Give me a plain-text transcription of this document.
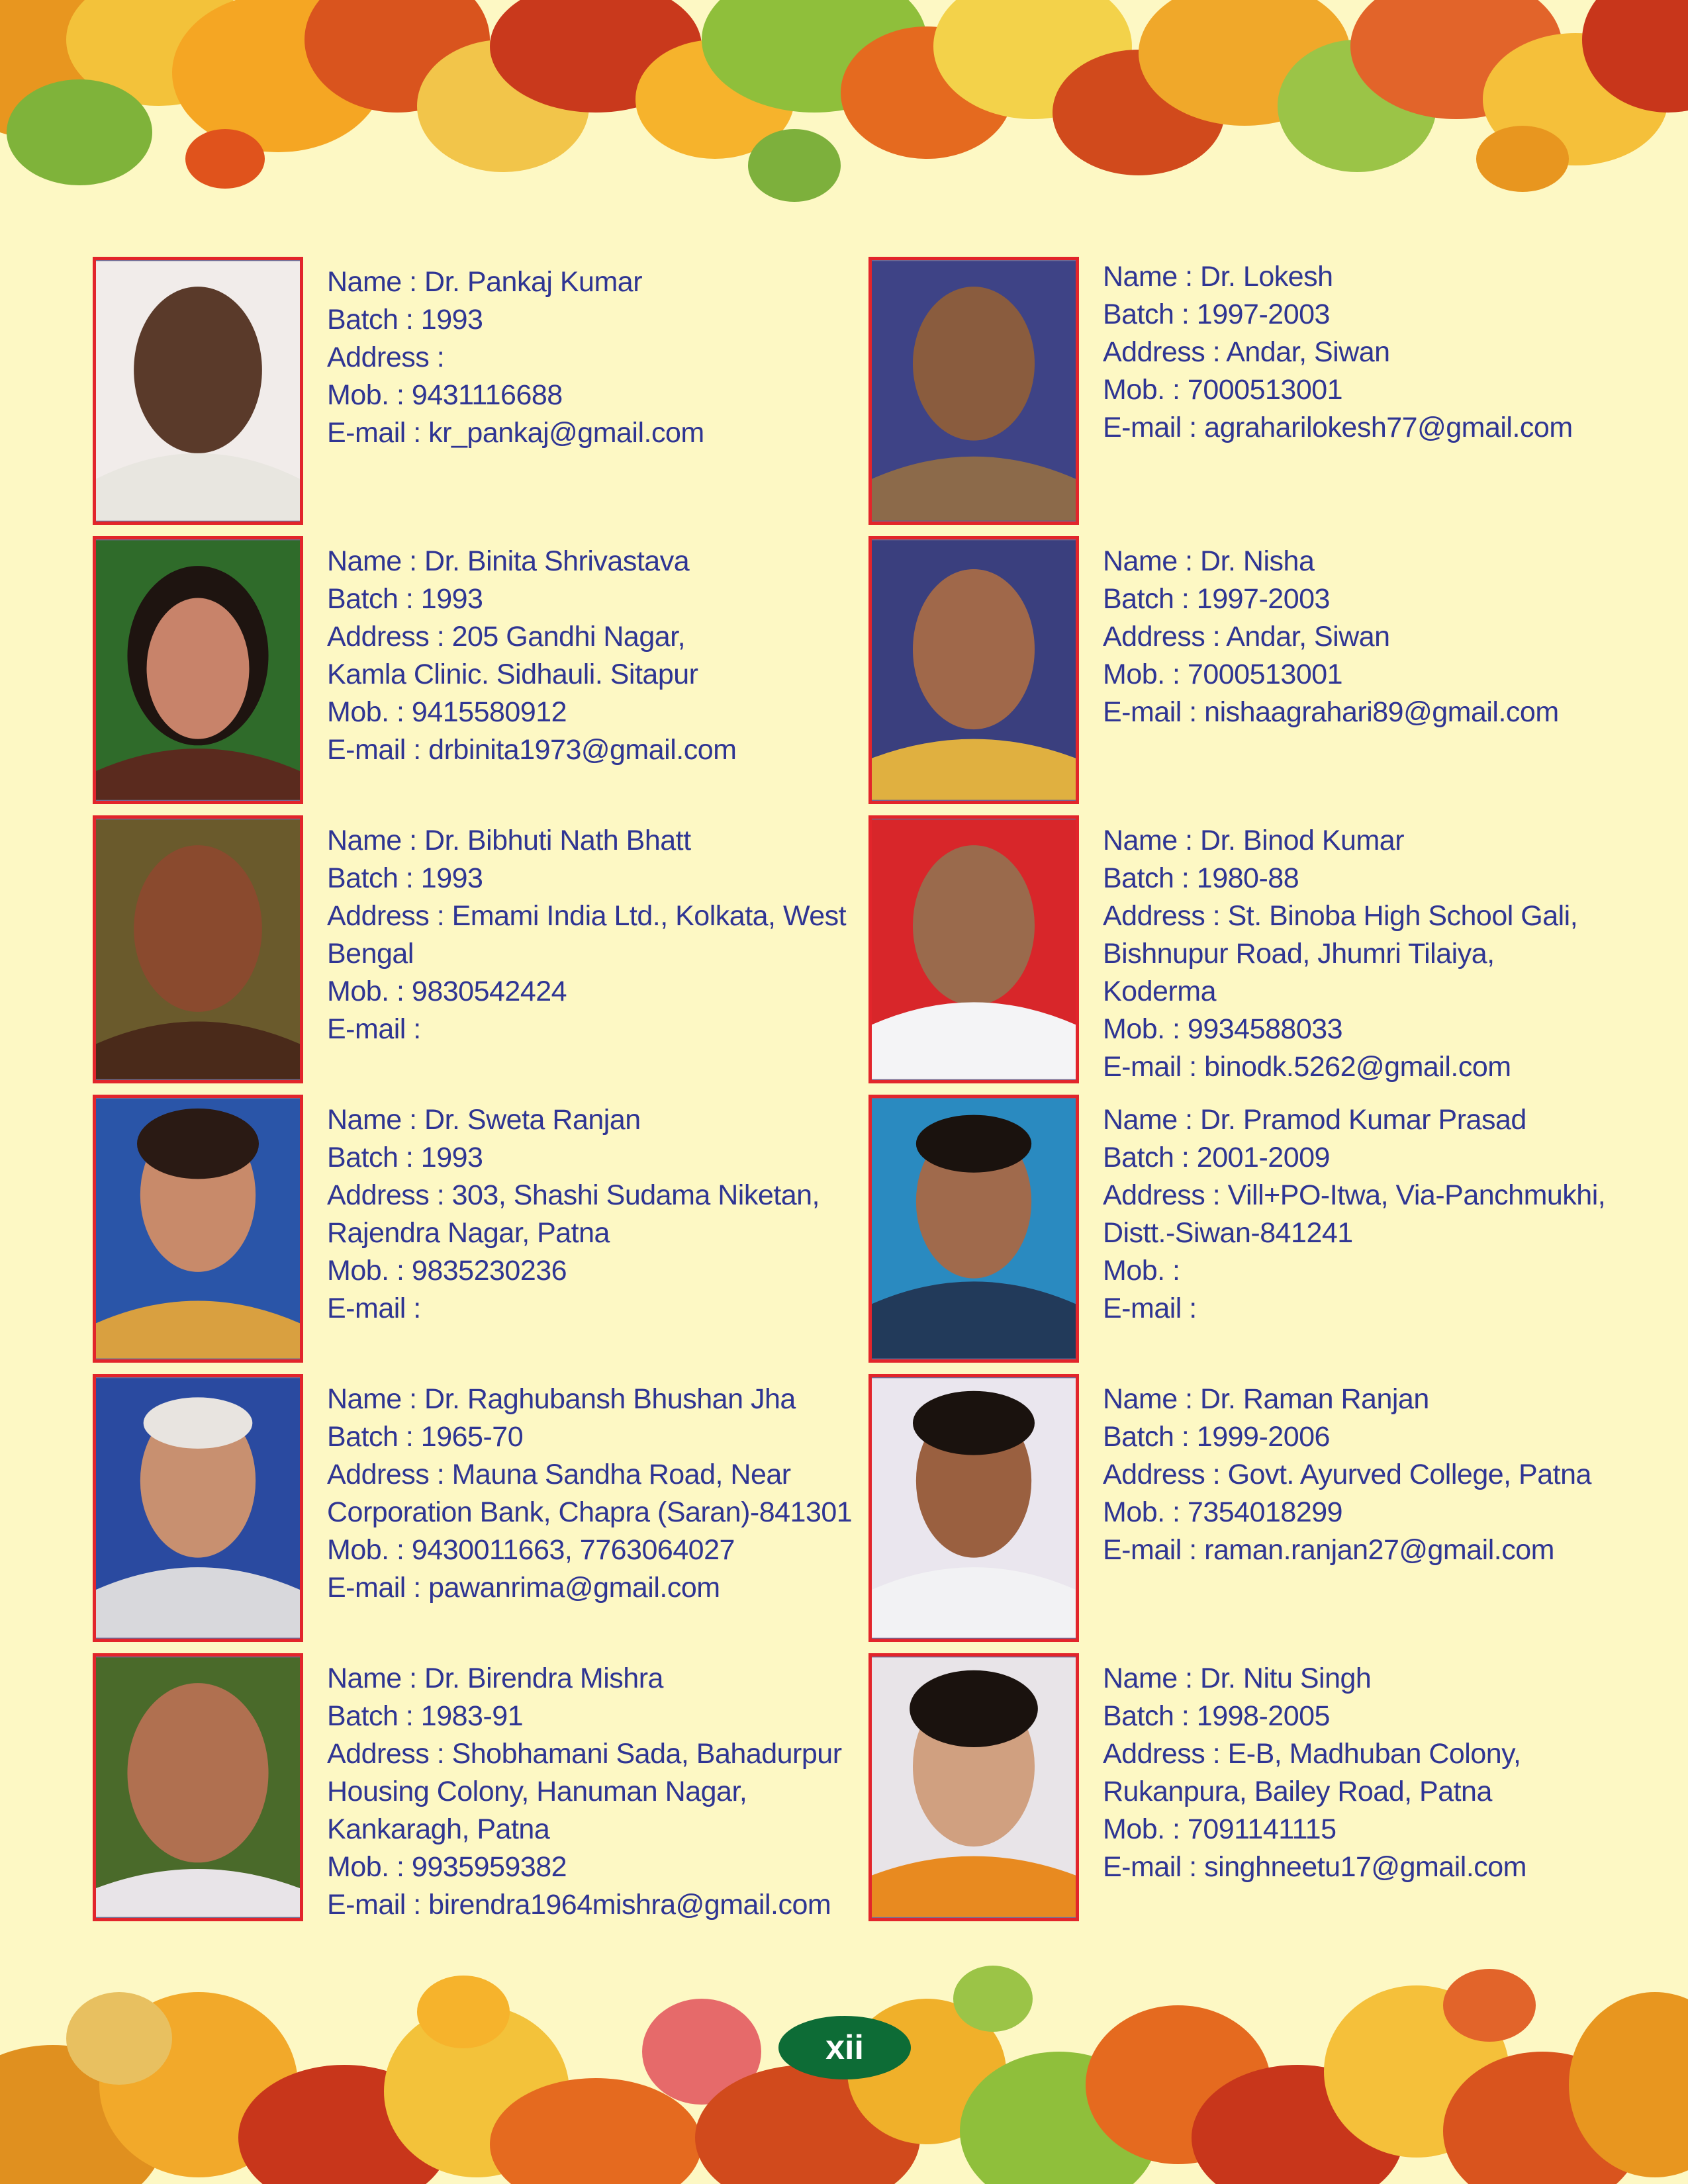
Name : Dr. Pankaj Kumar
Batch : 1993
Address :
Mob. : 9431116688
E-mail : kr_pankaj@gmail.com
Name : Dr. Lokesh
Batch : 1997-2003
Address : Andar, Siwan
Mob. : 7000513001
E-mail : agraharilokesh77@gmail.com
Name : Dr. Binita Shrivastava
Batch : 1993
Address : 205 Gandhi Nagar,
Kamla Clinic. Sidhauli. Sitapur
Mob. : 9415580912
E-mail : drbinita1973@gmail.com
Name : Dr. Nisha
Batch : 1997-2003
Address : Andar, Siwan
Mob. : 7000513001
E-mail : nishaagrahari89@gmail.com
Name : Dr. Bibhuti Nath Bhatt
Batch : 1993
Address : Emami India Ltd., Kolkata, West
Bengal
Mob. : 9830542424
E-mail :
Name : Dr. Binod Kumar
Batch : 1980-88
Address : St. Binoba High School Gali,
Bishnupur Road, Jhumri Tilaiya,
Koderma
Mob. : 9934588033
E-mail : binodk.5262@gmail.com
Name : Dr. Sweta Ranjan
Batch : 1993
Address : 303, Shashi Sudama Niketan,
Rajendra Nagar, Patna
Mob. : 9835230236
E-mail :
Name : Dr. Pramod Kumar Prasad
Batch : 2001-2009
Address : Vill+PO-Itwa, Via-Panchmukhi,
Distt.-Siwan-841241
Mob. :
E-mail :
Name : Dr. Raghubansh Bhushan Jha
Batch : 1965-70
Address : Mauna Sandha Road, Near
Corporation Bank, Chapra (Saran)-841301
Mob. : 9430011663, 7763064027
E-mail : pawanrima@gmail.com
Name : Dr. Raman Ranjan
Batch : 1999-2006
Address : Govt. Ayurved College, Patna
Mob. : 7354018299
E-mail : raman.ranjan27@gmail.com
Name : Dr. Birendra Mishra
Batch : 1983-91
Address : Shobhamani Sada, Bahadurpur
Housing Colony, Hanuman Nagar,
Kankaragh, Patna
Mob. : 9935959382
E-mail : birendra1964mishra@gmail.com
Name : Dr. Nitu Singh
Batch : 1998-2005
Address : E-B, Madhuban Colony,
Rukanpura, Bailey Road, Patna
Mob. : 7091141115
E-mail : singhneetu17@gmail.com
xii
